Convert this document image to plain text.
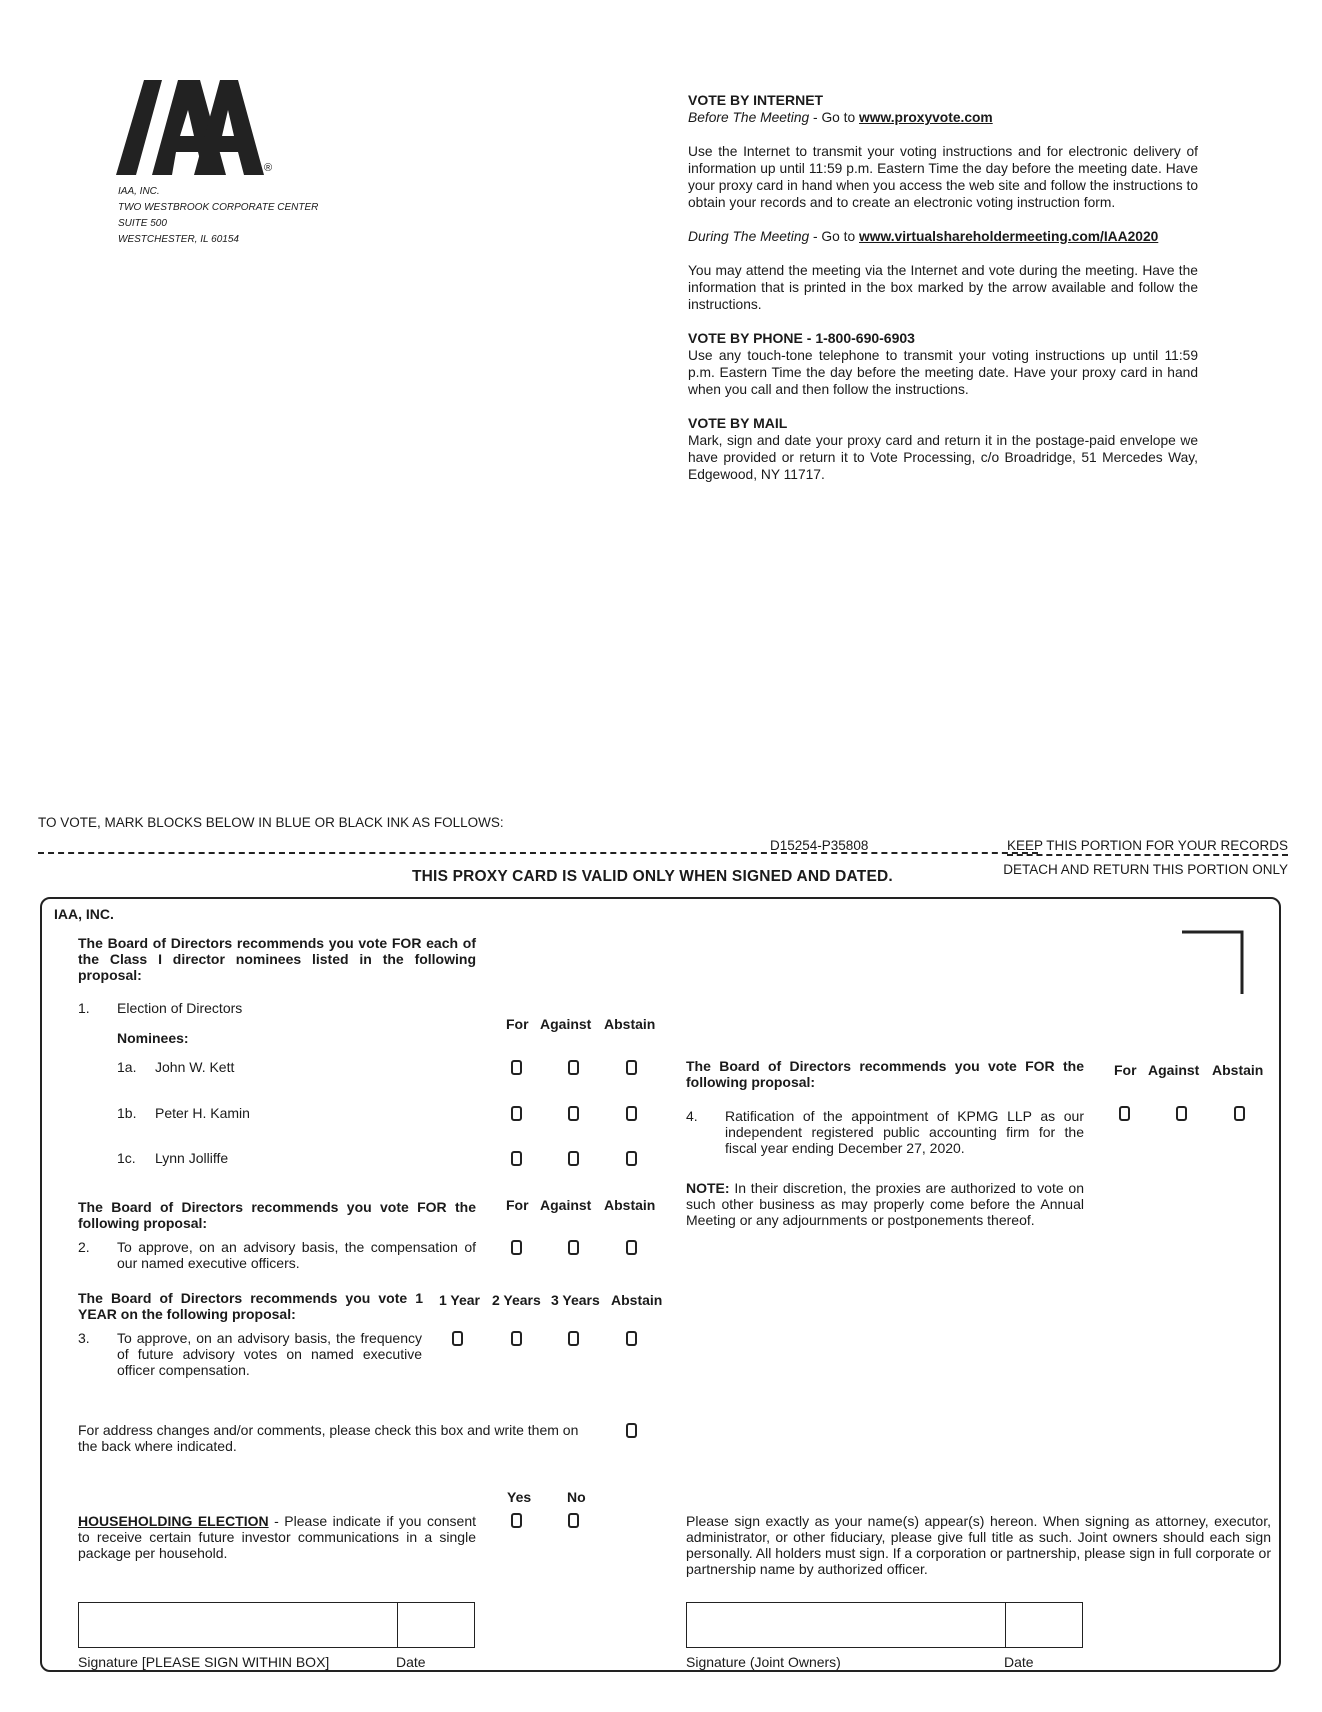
®
IAA, INC.
TWO WESTBROOK CORPORATE CENTER
SUITE 500
WESTCHESTER, IL 60154

VOTE BY INTERNET

Before The Meeting - Go to www.proxyvote.com

Use the Internet to transmit your voting instructions and for electronic delivery of information up until 11:59 p.m. Eastern Time the day before the meeting date. Have your proxy card in hand when you access the web site and follow the instructions to obtain your records and to create an electronic voting instruction form.

During The Meeting - Go to www.virtualshareholdermeeting.com/IAA2020

You may attend the meeting via the Internet and vote during the meeting. Have the information that is printed in the box marked by the arrow available and follow the instructions.

VOTE BY PHONE - 1-800-690-6903

Use any touch-tone telephone to transmit your voting instructions up until 11:59 p.m. Eastern Time the day before the meeting date. Have your proxy card in hand when you call and then follow the instructions.

VOTE BY MAIL

Mark, sign and date your proxy card and return it in the postage-paid envelope we have provided or return it to Vote Processing, c/o Broadridge, 51 Mercedes Way, Edgewood, NY 11717.

TO VOTE, MARK BLOCKS BELOW IN BLUE OR BLACK INK AS FOLLOWS:
D15254-P35808	KEEP THIS PORTION FOR YOUR RECORDS
DETACH AND RETURN THIS PORTION ONLY
THIS PROXY CARD IS VALID ONLY WHEN SIGNED AND DATED.
IAA, INC.
The Board of Directors recommends you vote FOR each of the Class I director nominees listed in the following proposal:
1. Election of Directors
Nominees:
For Against Abstain
1a. John W. Kett
1b. Peter H. Kamin
1c. Lynn Jolliffe
The Board of Directors recommends you vote FOR the following proposal:
For Against Abstain
2. To approve, on an advisory basis, the compensation of our named executive officers.
The Board of Directors recommends you vote 1 YEAR on the following proposal:
1 Year 2 Years 3 Years Abstain
3. To approve, on an advisory basis, the frequency of future advisory votes on named executive officer compensation.
For address changes and/or comments, please check this box and write them on the back where indicated.
Yes	No
HOUSEHOLDING ELECTION - Please indicate if you consent to receive certain future investor communications in a single package per household.
The Board of Directors recommends you vote FOR the following proposal:
For Against Abstain
4. Ratification of the appointment of KPMG LLP as our independent registered public accounting firm for the fiscal year ending December 27, 2020.
NOTE: In their discretion, the proxies are authorized to vote on such other business as may properly come before the Annual Meeting or any adjournments or postponements thereof.
Please sign exactly as your name(s) appear(s) hereon. When signing as attorney, executor, administrator, or other fiduciary, please give full title as such. Joint owners should each sign personally. All holders must sign. If a corporation or partnership, please sign in full corporate or partnership name by authorized officer.
Signature [PLEASE SIGN WITHIN BOX]	Date	Signature (Joint Owners)	Date
